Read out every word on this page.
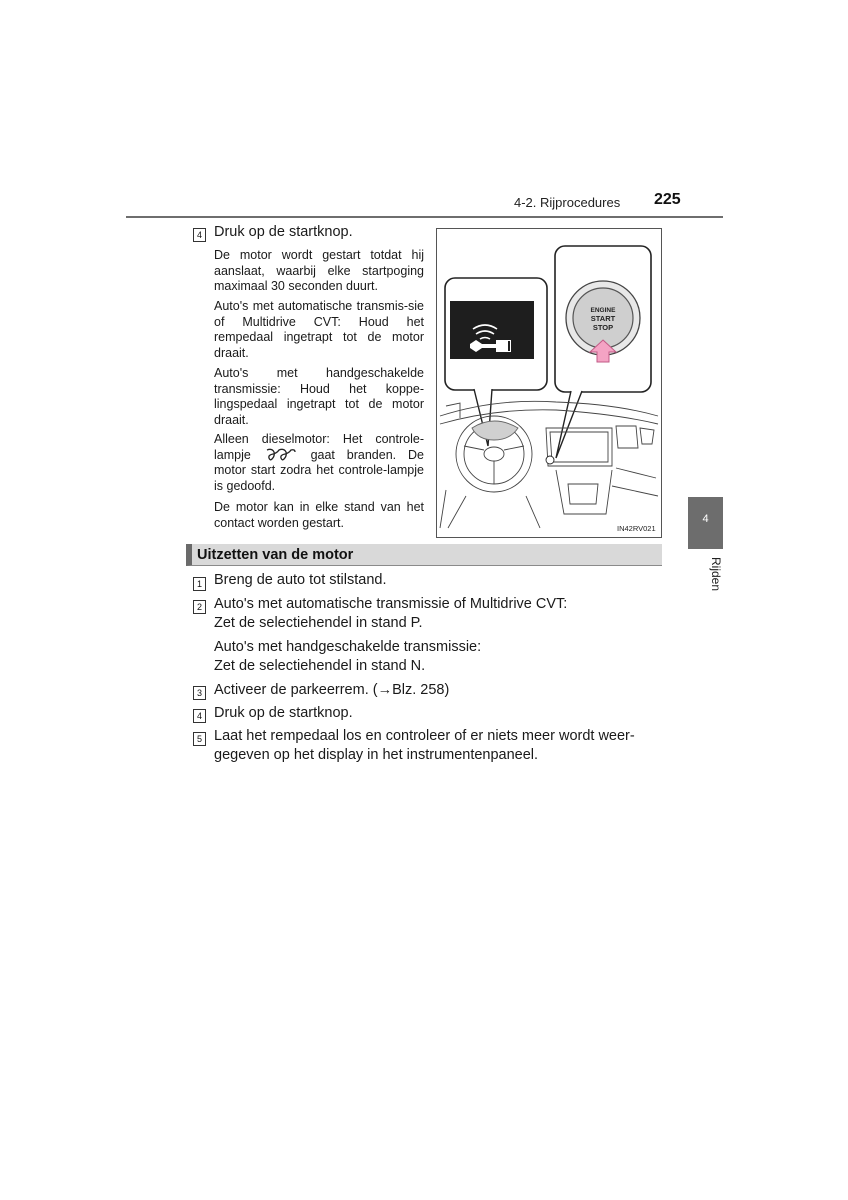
4-2. Rijprocedures 225
4
Rijden
4 Druk op de startknop.
De motor wordt gestart totdat hij aanslaat, waarbij elke startpoging maximaal 30 seconden duurt.
Auto's met automatische transmis-sie of Multidrive CVT: Houd het rempedaal ingetrapt tot de motor draait.
Auto's met handgeschakelde transmissie: Houd het koppe-lingspedaal ingetrapt tot de motor draait.
Alleen dieselmotor: Het controle-lampje	gaat branden. De motor start zodra het controle-lampje is gedoofd.
De motor kan in elke stand van het contact worden gestart.
ENGINE
START
STOP
IN42RV021
Uitzetten van de motor
1 Breng de auto tot stilstand.
2 Auto's met automatische transmissie of Multidrive CVT:
Zet de selectiehendel in stand P.
Auto's met handgeschakelde transmissie:
Zet de selectiehendel in stand N.
3 Activeer de parkeerrem. (→Blz. 258)
4 Druk op de startknop.
5 Laat het rempedaal los en controleer of er niets meer wordt weer-
gegeven op het display in het instrumentenpaneel.
